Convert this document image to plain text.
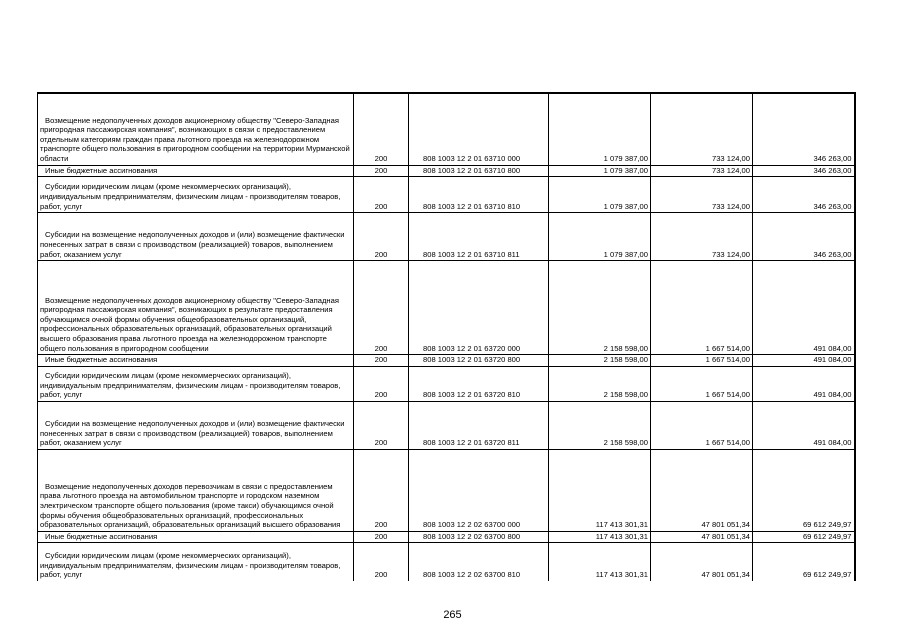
Возмещение недополученных доходов акционерному обществу "Северо-Западная пригородная пассажирская компания", возникающих в связи с предоставлением отдельным категориям граждан права льготного проезда на железнодорожном транспорте общего пользования в пригородном сообщении на территории Мурманской области	200	808 1003 12 2 01 63710 000	1 079 387,00	733 124,00	346 263,00

Иные бюджетные ассигнования	200	808 1003 12 2 01 63710 800	1 079 387,00	733 124,00	346 263,00

Субсидии юридическим лицам (кроме некоммерческих организаций), индивидуальным предпринимателям, физическим лицам - производителям товаров, работ, услуг	200	808 1003 12 2 01 63710 810	1 079 387,00	733 124,00	346 263,00

Субсидии на возмещение недополученных доходов и (или) возмещение фактически понесенных затрат в связи с производством (реализацией) товаров, выполнением работ, оказанием услуг	200	808 1003 12 2 01 63710 811	1 079 387,00	733 124,00	346 263,00

Возмещение недополученных доходов акционерному обществу "Северо-Западная пригородная пассажирская компания", возникающих в результате предоставления обучающимся очной формы обучения общеобразовательных организаций, профессиональных образовательных организаций, образовательных организаций высшего образования права льготного проезда на железнодорожном транспорте общего пользования в пригородном сообщении	200	808 1003 12 2 01 63720 000	2 158 598,00	1 667 514,00	491 084,00

Иные бюджетные ассигнования	200	808 1003 12 2 01 63720 800	2 158 598,00	1 667 514,00	491 084,00

Субсидии юридическим лицам (кроме некоммерческих организаций), индивидуальным предпринимателям, физическим лицам - производителям товаров, работ, услуг	200	808 1003 12 2 01 63720 810	2 158 598,00	1 667 514,00	491 084,00

Субсидии на возмещение недополученных доходов и (или) возмещение фактически понесенных затрат в связи с производством (реализацией) товаров, выполнением работ, оказанием услуг	200	808 1003 12 2 01 63720 811	2 158 598,00	1 667 514,00	491 084,00

Возмещение недополученных доходов перевозчикам в связи с предоставлением права льготного проезда на автомобильном транспорте и городском наземном электрическом транспорте общего пользования (кроме такси) обучающимся очной формы обучения общеобразовательных организаций, профессиональных образовательных организаций, образовательных организаций высшего образования	200	808 1003 12 2 02 63700 000	117 413 301,31	47 801 051,34	69 612 249,97

Иные бюджетные ассигнования	200	808 1003 12 2 02 63700 800	117 413 301,31	47 801 051,34	69 612 249,97

Субсидии юридическим лицам (кроме некоммерческих организаций), индивидуальным предпринимателям, физическим лицам - производителям товаров, работ, услуг	200	808 1003 12 2 02 63700 810	117 413 301,31	47 801 051,34	69 612 249,97
265
